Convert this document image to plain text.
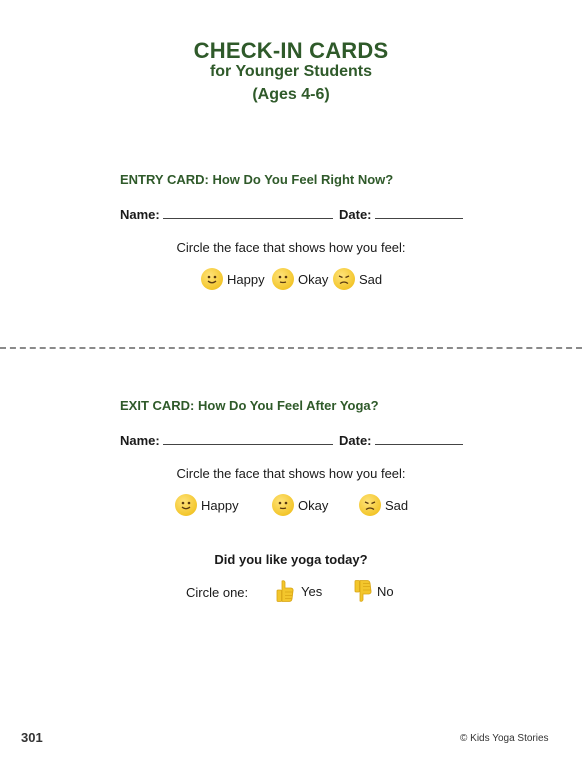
CHECK-IN CARDS
for Younger Students
(Ages 4-6)
ENTRY CARD: How Do You Feel Right Now?
Name:	Date:
Circle the face that shows how you feel:
Happy	Okay	Sad
EXIT CARD: How Do You Feel After Yoga?
Name:	Date:
Circle the face that shows how you feel:
Happy	Okay	Sad
Did you like yoga today?
Circle one:	Yes	No
301	© Kids Yoga Stories
